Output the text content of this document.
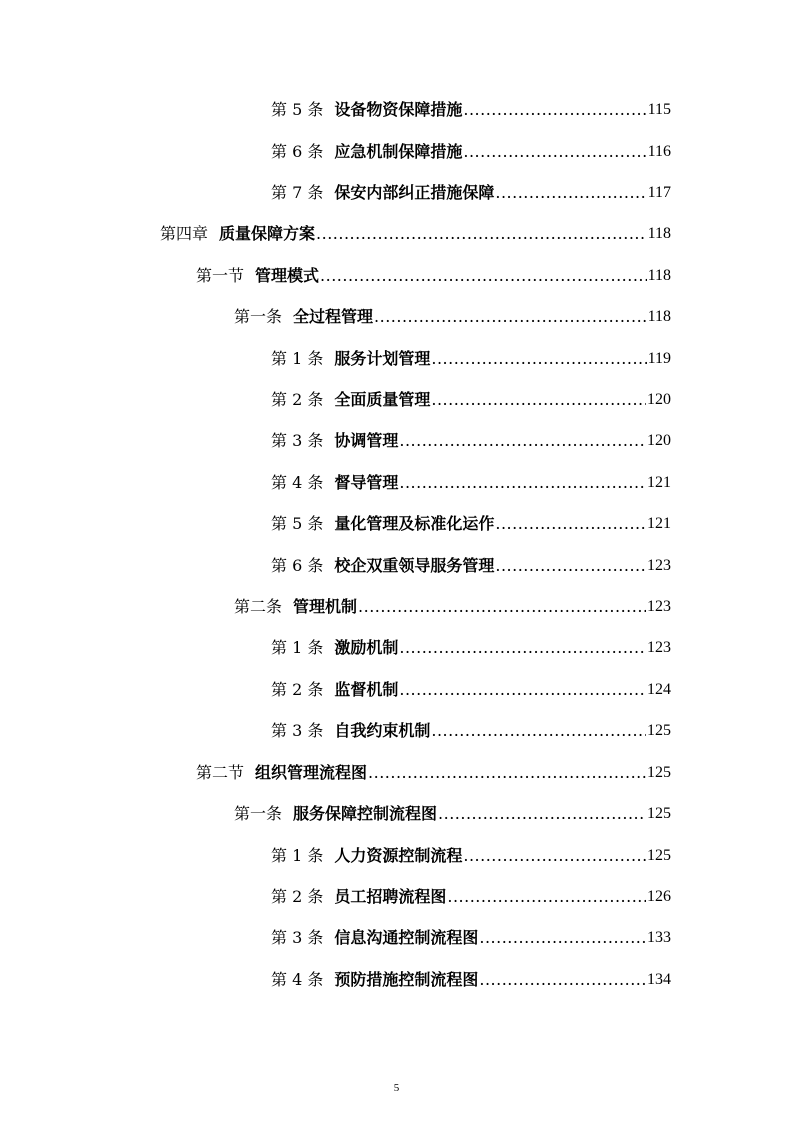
第 5 条 设备物资保障措施 .....	115
第 6 条 应急机制保障措施 .....	116
第 7 条 保安内部纠正措施保障 .....	117
第四章 质量保障方案 .....	118
第一节 管理模式 .....	118
第一条 全过程管理 .....	118
第 1 条 服务计划管理 .....	119
第 2 条 全面质量管理 .....	120
第 3 条 协调管理 .....	120
第 4 条 督导管理 .....	121
第 5 条 量化管理及标准化运作 .....	121
第 6 条 校企双重领导服务管理 .....	123
第二条 管理机制 .....	123
第 1 条 激励机制 .....	123
第 2 条 监督机制 .....	124
第 3 条 自我约束机制 .....	125
第二节 组织管理流程图 .....	125
第一条 服务保障控制流程图 .....	125
第 1 条 人力资源控制流程 .....	125
第 2 条 员工招聘流程图 .....	126
第 3 条 信息沟通控制流程图 .....	133
第 4 条 预防措施控制流程图 .....	134
5
